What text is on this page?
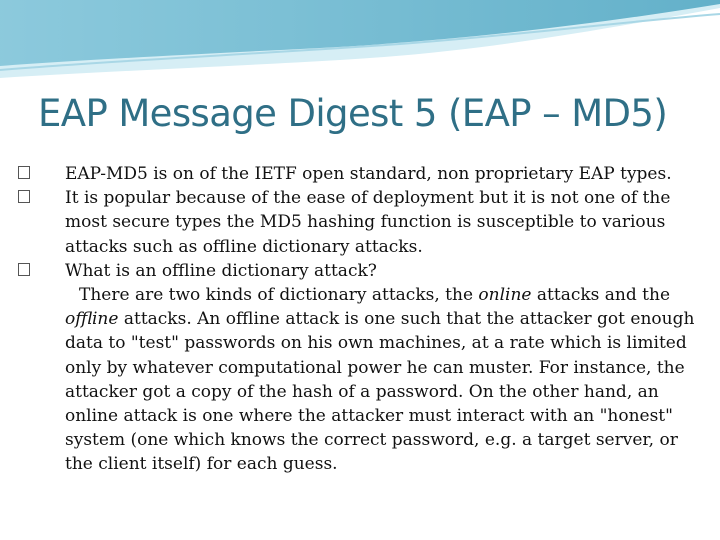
EAP Message Digest 5 (EAP – MD5)
EAP-MD5 is on of the IETF open standard, non proprietary EAP types.
It is popular because of the ease of deployment but it is not one of the most secure types the MD5 hashing function is susceptible to various attacks such as offline dictionary attacks.
What is an offline dictionary attack?
There are two kinds of dictionary attacks, the online attacks and the offline attacks. An offline attack is one such that the attacker got enough data to "test" passwords on his own machines, at a rate which is limited only by whatever computational power he can muster. For instance, the attacker got a copy of the hash of a password. On the other hand, an online attack is one where the attacker must interact with an "honest" system (one which knows the correct password, e.g. a target server, or the client itself) for each guess.
